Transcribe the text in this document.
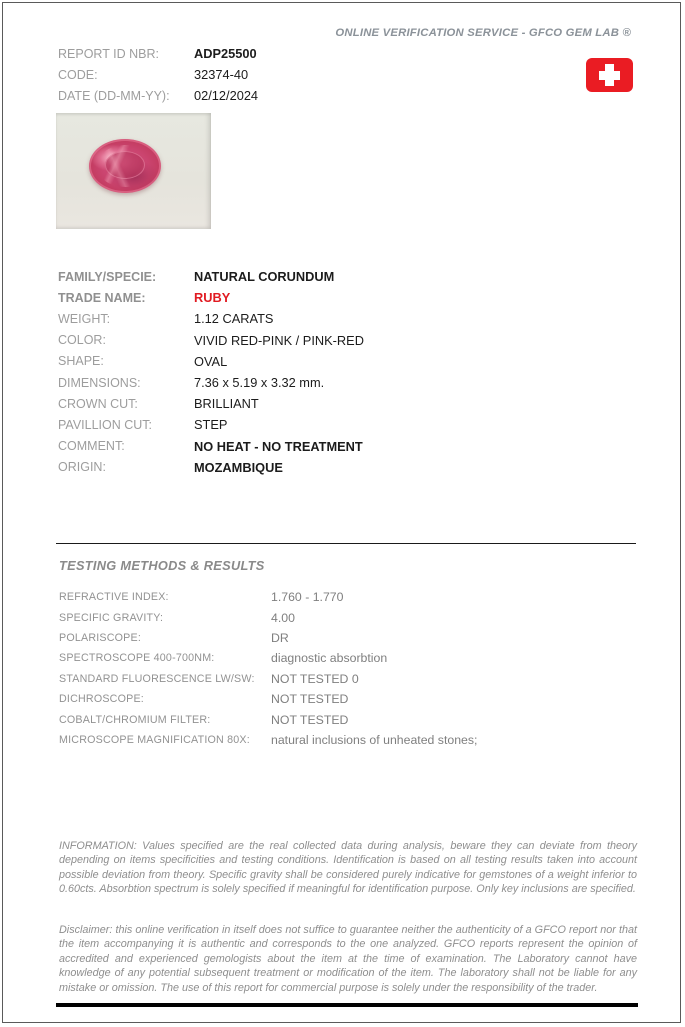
ONLINE VERIFICATION SERVICE - GFCO GEM LAB ®
REPORT ID NBR:	ADP25500
CODE:	32374-40
DATE (DD-MM-YY):	02/12/2024
FAMILY/SPECIE:	NATURAL CORUNDUM
TRADE NAME:	RUBY
WEIGHT:	1.12 CARATS
COLOR:	VIVID RED-PINK / PINK-RED
SHAPE:	OVAL
DIMENSIONS:	7.36 x 5.19 x 3.32 mm.
CROWN CUT:	BRILLIANT
PAVILLION CUT:	STEP
COMMENT:	NO HEAT - NO TREATMENT
ORIGIN:	MOZAMBIQUE
TESTING METHODS & RESULTS
REFRACTIVE INDEX:	1.760 - 1.770
SPECIFIC GRAVITY:	4.00
POLARISCOPE:	DR
SPECTROSCOPE 400-700NM:	diagnostic absorbtion
STANDARD FLUORESCENCE LW/SW:	NOT TESTED 0
DICHROSCOPE:	NOT TESTED
COBALT/CHROMIUM FILTER:	NOT TESTED
MICROSCOPE MAGNIFICATION 80X:	natural inclusions of unheated stones;

INFORMATION: Values specified are the real collected data during analysis, beware they can deviate from theory depending on items specificities and testing conditions. Identification is based on all testing results taken into account possible deviation from theory. Specific gravity shall be considered purely indicative for gemstones of a weight inferior to 0.60cts. Absorbtion spectrum is solely specified if meaningful for identification purpose. Only key inclusions are specified.

Disclaimer: this online verification in itself does not suffice to guarantee neither the authenticity of a GFCO report nor that the item accompanying it is authentic and corresponds to the one analyzed. GFCO reports represent the opinion of accredited and experienced gemologists about the item at the time of examination. The Laboratory cannot have knowledge of any potential subsequent treatment or modification of the item. The laboratory shall not be liable for any mistake or omission. The use of this report for commercial purpose is solely under the responsibility of the trader.
